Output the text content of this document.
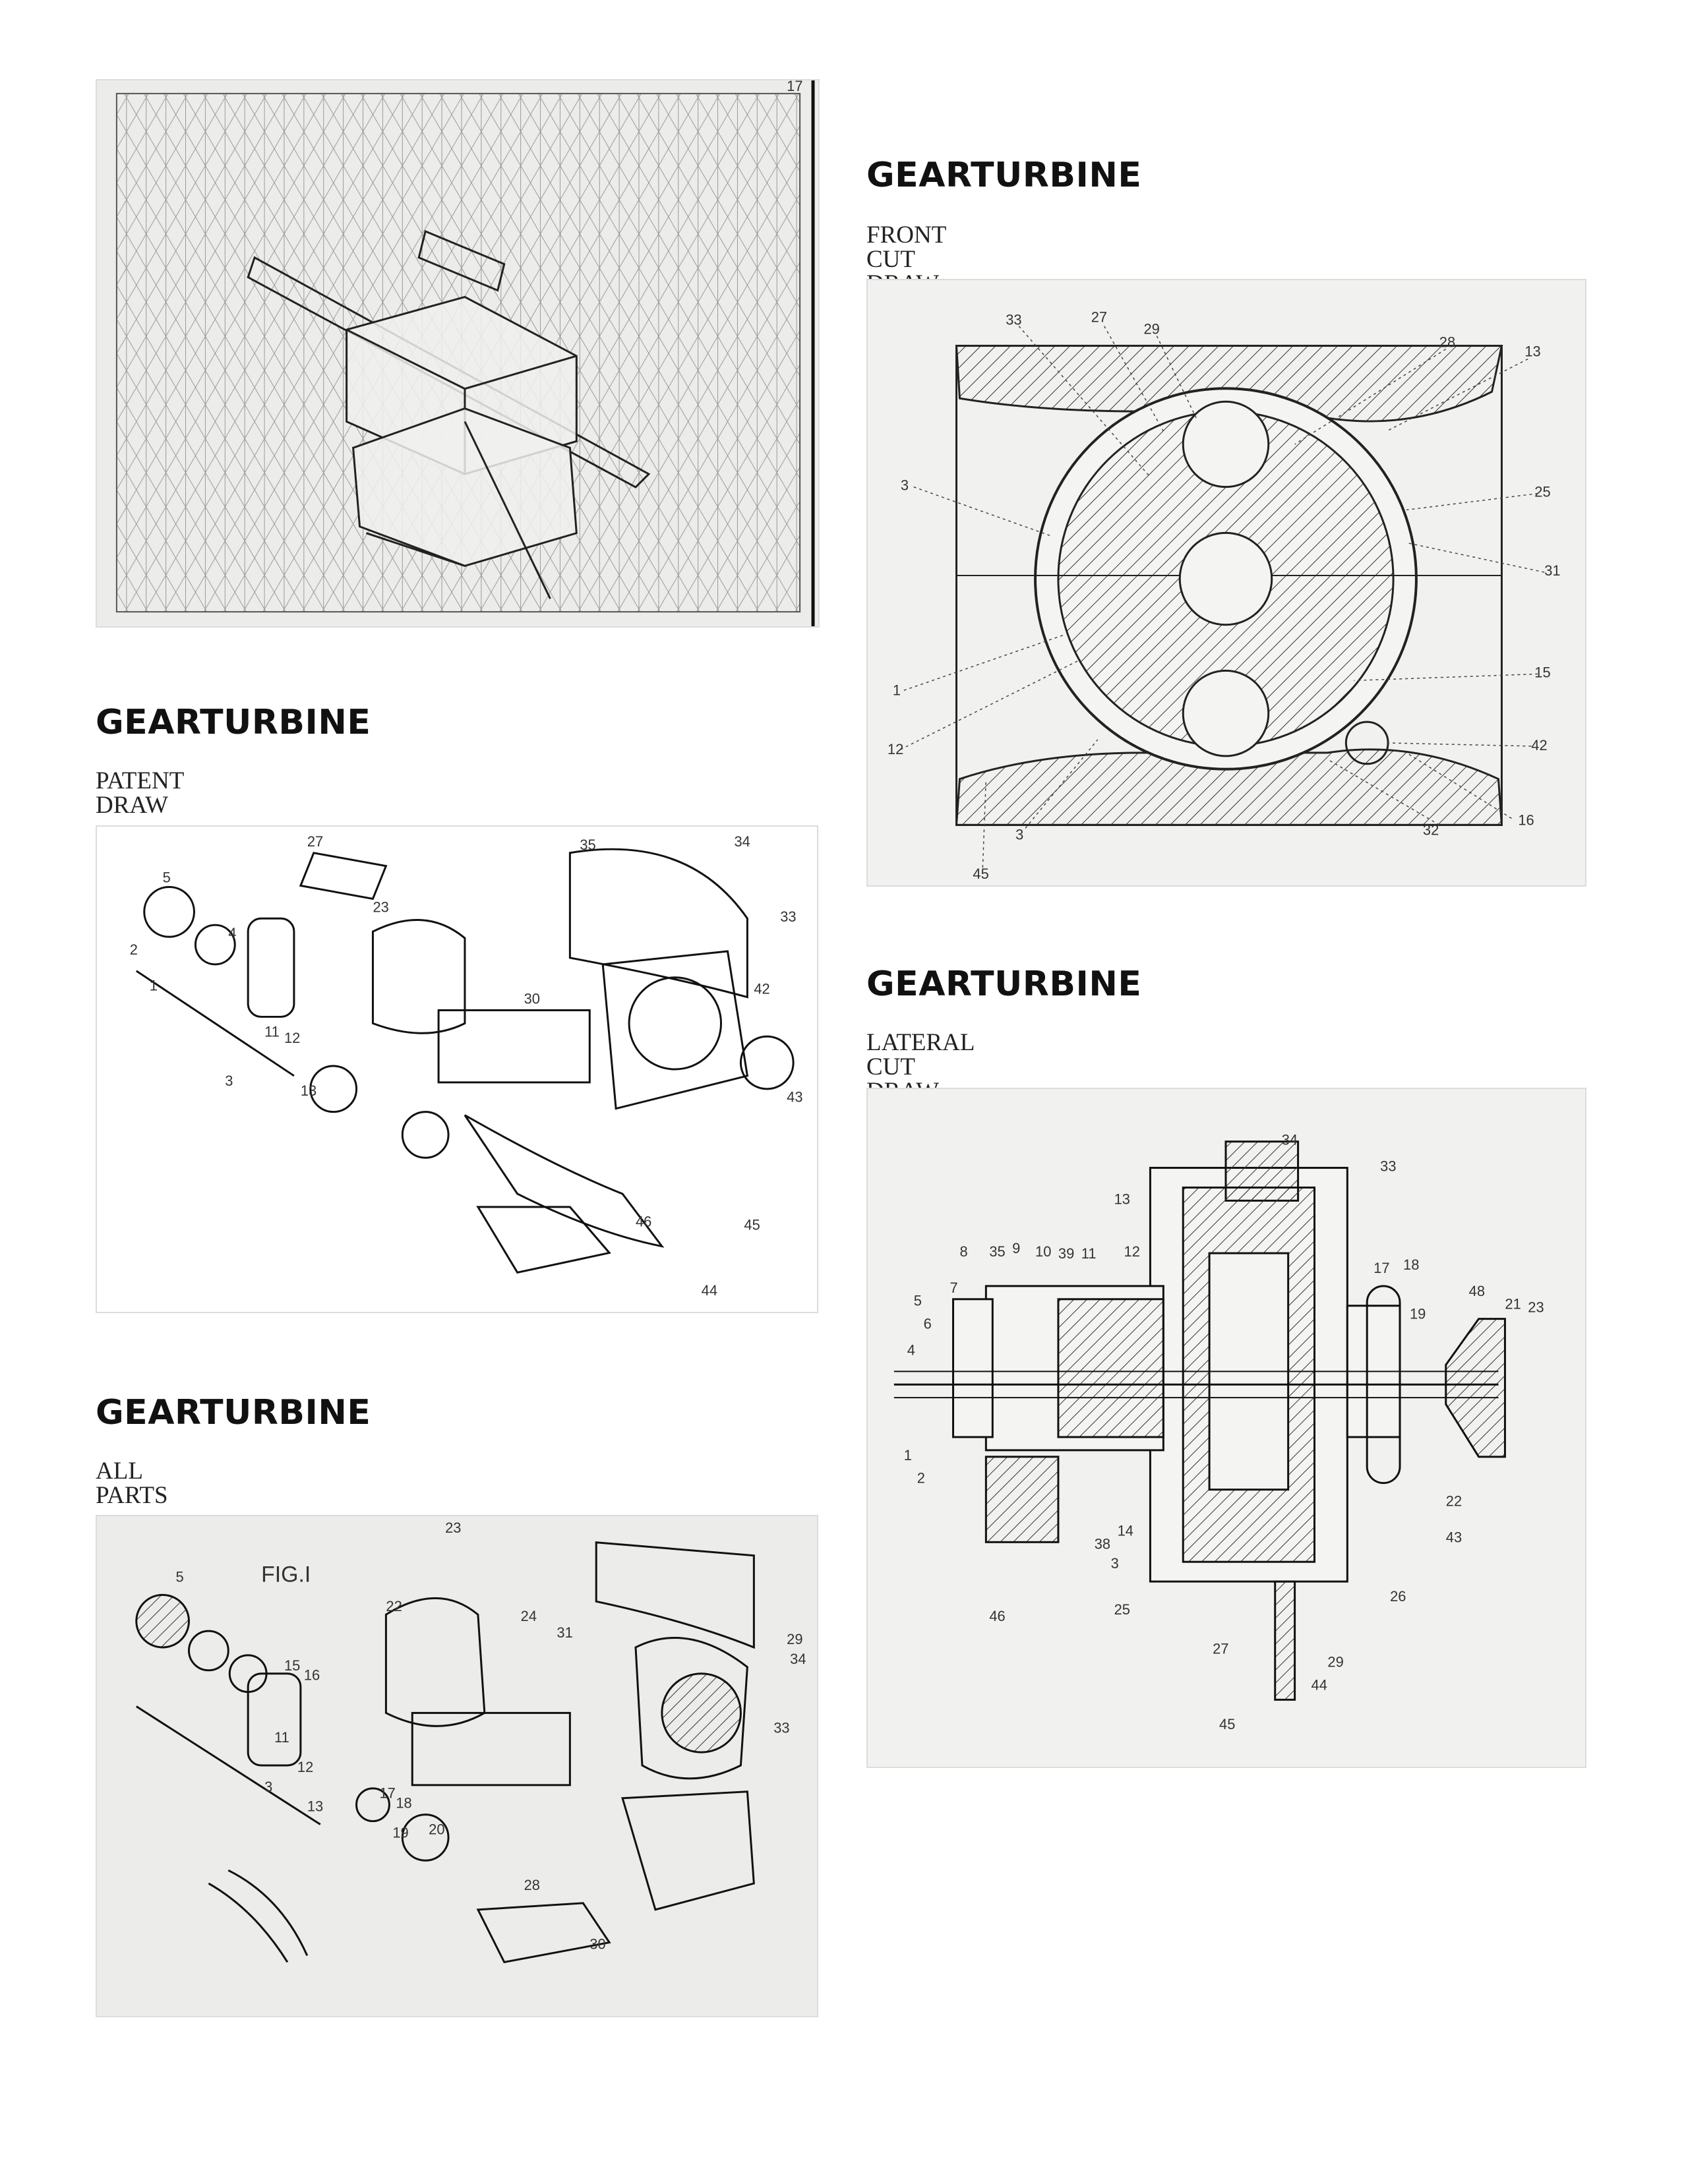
17
GEARTURBINE

FRONT CUT

33	27
29
28
13
3	25
31
1
15
12	42
3	32
16
45
GEARTURBINE

PATENT DRAW

27	35	34
33
5
4
2
1
11
23
12
3
13
30
42
43
45
46
44
GEARTURBINE

LATERAL CUT

34
33
13
12
8 35 9 10 39 11
17 18
48
21 23
5
7
6
4
1
2
19
22
43
46
38
14
3
25
27
29
44
45
26
GEARTURBINE

ALL PARTS

FIG.I
23
5
22
24
31	29
34
33
15
16
11
12
13
3	17
18
19 20
28
30
